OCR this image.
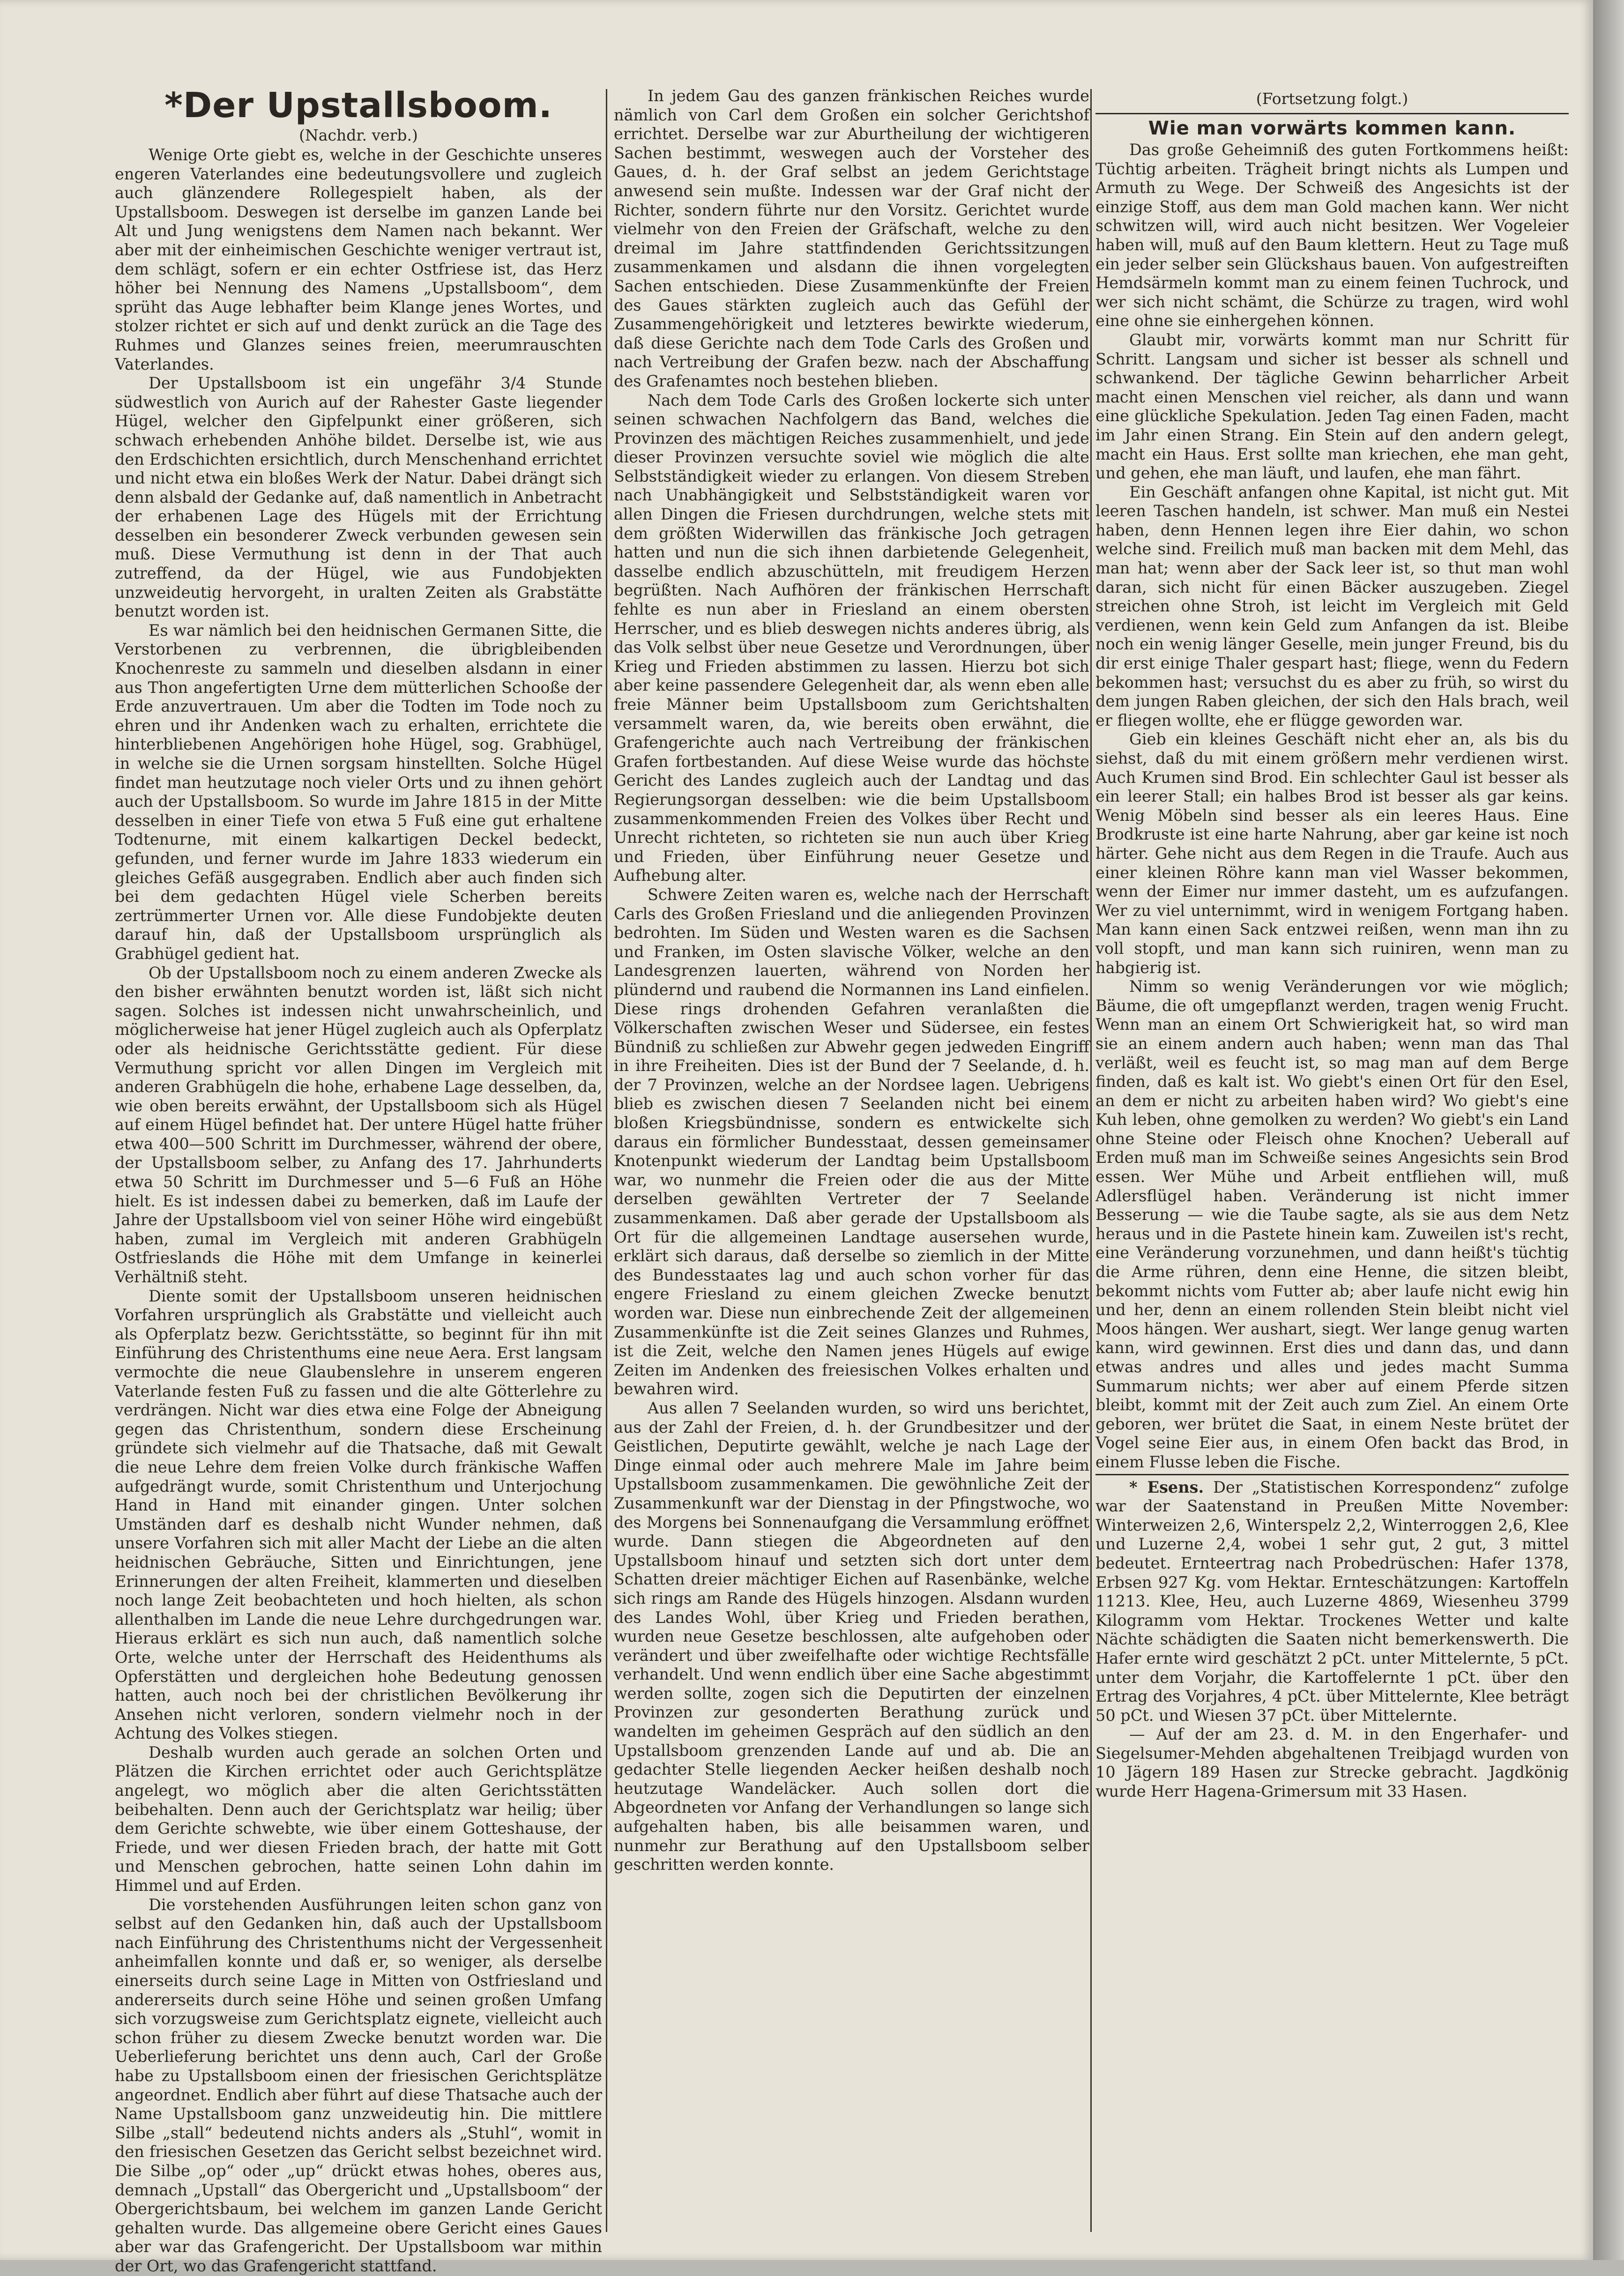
*Der Upstallsboom.
(Nachdr. verb.)

Wenige Orte giebt es, welche in der Geschichte unseres engeren Vaterlandes eine bedeutungsvollere und zugleich auch glänzendere Rollegespielt haben, als der Upstallsboom. Deswegen ist derselbe im ganzen Lande bei Alt und Jung wenigstens dem Namen nach bekannt. Wer aber mit der einheimischen Geschichte weniger vertraut ist, dem schlägt, sofern er ein echter Ostfriese ist, das Herz höher bei Nennung des Namens „Upstallsboom“, dem sprüht das Auge lebhafter beim Klange jenes Wortes, und stolzer richtet er sich auf und denkt zurück an die Tage des Ruhmes und Glanzes seines freien, meerumrauschten Vaterlandes.

Der Upstallsboom ist ein ungefähr 3/4 Stunde südwestlich von Aurich auf der Rahester Gaste liegender Hügel, welcher den Gipfelpunkt einer größeren, sich schwach erhebenden Anhöhe bildet. Derselbe ist, wie aus den Erdschichten ersichtlich, durch Menschenhand errichtet und nicht etwa ein bloßes Werk der Natur. Dabei drängt sich denn alsbald der Gedanke auf, daß namentlich in Anbetracht der erhabenen Lage des Hügels mit der Errichtung desselben ein besonderer Zweck verbunden gewesen sein muß. Diese Vermuthung ist denn in der That auch zutreffend, da der Hügel, wie aus Fundobjekten unzweideutig hervorgeht, in uralten Zeiten als Grabstätte benutzt worden ist.

Es war nämlich bei den heidnischen Germanen Sitte, die Verstorbenen zu verbrennen, die übrigbleibenden Knochenreste zu sammeln und dieselben alsdann in einer aus Thon angefertigten Urne dem mütterlichen Schooße der Erde anzuvertrauen. Um aber die Todten im Tode noch zu ehren und ihr Andenken wach zu erhalten, errichtete die hinterbliebenen Angehörigen hohe Hügel, sog. Grabhügel, in welche sie die Urnen sorgsam hinstellten. Solche Hügel findet man heutzutage noch vieler Orts und zu ihnen gehört auch der Upstallsboom. So wurde im Jahre 1815 in der Mitte desselben in einer Tiefe von etwa 5 Fuß eine gut erhaltene Todtenurne, mit einem kalkartigen Deckel bedeckt, gefunden, und ferner wurde im Jahre 1833 wiederum ein gleiches Gefäß ausgegraben. Endlich aber auch finden sich bei dem gedachten Hügel viele Scherben bereits zertrümmerter Urnen vor. Alle diese Fundobjekte deuten darauf hin, daß der Upstallsboom ursprünglich als Grabhügel gedient hat.

Ob der Upstallsboom noch zu einem anderen Zwecke als den bisher erwähnten benutzt worden ist, läßt sich nicht sagen. Solches ist indessen nicht unwahrscheinlich, und möglicherweise hat jener Hügel zugleich auch als Opferplatz oder als heidnische Gerichtsstätte gedient. Für diese Vermuthung spricht vor allen Dingen im Vergleich mit anderen Grabhügeln die hohe, erhabene Lage desselben, da, wie oben bereits erwähnt, der Upstallsboom sich als Hügel auf einem Hügel befindet hat. Der untere Hügel hatte früher etwa 400—500 Schritt im Durchmesser, während der obere, der Upstallsboom selber, zu Anfang des 17. Jahrhunderts etwa 50 Schritt im Durchmesser und 5—6 Fuß an Höhe hielt. Es ist indessen dabei zu bemerken, daß im Laufe der Jahre der Upstallsboom viel von seiner Höhe wird eingebüßt haben, zumal im Vergleich mit anderen Grabhügeln Ostfrieslands die Höhe mit dem Umfange in keinerlei Verhältniß steht.

Diente somit der Upstallsboom unseren heidnischen Vorfahren ursprünglich als Grabstätte und vielleicht auch als Opferplatz bezw. Gerichtsstätte, so beginnt für ihn mit Einführung des Christenthums eine neue Aera. Erst langsam vermochte die neue Glaubenslehre in unserem engeren Vaterlande festen Fuß zu fassen und die alte Götterlehre zu verdrängen. Nicht war dies etwa eine Folge der Abneigung gegen das Christenthum, sondern diese Erscheinung gründete sich vielmehr auf die Thatsache, daß mit Gewalt die neue Lehre dem freien Volke durch fränkische Waffen aufgedrängt wurde, somit Christenthum und Unterjochung Hand in Hand mit einander gingen. Unter solchen Umständen darf es deshalb nicht Wunder nehmen, daß unsere Vorfahren sich mit aller Macht der Liebe an die alten heidnischen Gebräuche, Sitten und Einrichtungen, jene Erinnerungen der alten Freiheit, klammerten und dieselben noch lange Zeit beobachteten und hoch hielten, als schon allenthalben im Lande die neue Lehre durchgedrungen war. Hieraus erklärt es sich nun auch, daß namentlich solche Orte, welche unter der Herrschaft des Heidenthums als Opferstätten und dergleichen hohe Bedeutung genossen hatten, auch noch bei der christlichen Bevölkerung ihr Ansehen nicht verloren, sondern vielmehr noch in der Achtung des Volkes stiegen.

Deshalb wurden auch gerade an solchen Orten und Plätzen die Kirchen errichtet oder auch Gerichtsplätze angelegt, wo möglich aber die alten Gerichtsstätten beibehalten. Denn auch der Gerichtsplatz war heilig; über dem Gerichte schwebte, wie über einem Gotteshause, der Friede, und wer diesen Frieden brach, der hatte mit Gott und Menschen gebrochen, hatte seinen Lohn dahin im Himmel und auf Erden.

Die vorstehenden Ausführungen leiten schon ganz von selbst auf den Gedanken hin, daß auch der Upstallsboom nach Einführung des Christenthums nicht der Vergessenheit anheimfallen konnte und daß er, so weniger, als derselbe einerseits durch seine Lage in Mitten von Ostfriesland und andererseits durch seine Höhe und seinen großen Umfang sich vorzugsweise zum Gerichtsplatz eignete, vielleicht auch schon früher zu diesem Zwecke benutzt worden war. Die Ueberlieferung berichtet uns denn auch, Carl der Große habe zu Upstallsboom einen der friesischen Gerichtsplätze angeordnet. Endlich aber führt auf diese Thatsache auch der Name Upstallsboom ganz unzweideutig hin. Die mittlere Silbe „stall“ bedeutend nichts anders als „Stuhl“, womit in den friesischen Gesetzen das Gericht selbst bezeichnet wird. Die Silbe „op“ oder „up“ drückt etwas hohes, oberes aus, demnach „Upstall“ das Obergericht und „Upstallsboom“ der Obergerichtsbaum, bei welchem im ganzen Lande Gericht gehalten wurde. Das allgemeine obere Gericht eines Gaues aber war das Grafengericht. Der Upstallsboom war mithin der Ort, wo das Grafengericht stattfand.

In jedem Gau des ganzen fränkischen Reiches wurde nämlich von Carl dem Großen ein solcher Gerichtshof errichtet. Derselbe war zur Aburtheilung der wichtigeren Sachen bestimmt, weswegen auch der Vorsteher des Gaues, d. h. der Graf selbst an jedem Gerichtstage anwesend sein mußte. Indessen war der Graf nicht der Richter, sondern führte nur den Vorsitz. Gerichtet wurde vielmehr von den Freien der Gräfschaft, welche zu den dreimal im Jahre stattfindenden Gerichtssitzungen zusammenkamen und alsdann die ihnen vorgelegten Sachen entschieden. Diese Zusammenkünfte der Freien des Gaues stärkten zugleich auch das Gefühl der Zusammengehörigkeit und letzteres bewirkte wiederum, daß diese Gerichte nach dem Tode Carls des Großen und nach Vertreibung der Grafen bezw. nach der Abschaffung des Grafenamtes noch bestehen blieben.

Nach dem Tode Carls des Großen lockerte sich unter seinen schwachen Nachfolgern das Band, welches die Provinzen des mächtigen Reiches zusammenhielt, und jede dieser Provinzen versuchte soviel wie möglich die alte Selbstständigkeit wieder zu erlangen. Von diesem Streben nach Unabhängigkeit und Selbstständigkeit waren vor allen Dingen die Friesen durchdrungen, welche stets mit dem größten Widerwillen das fränkische Joch getragen hatten und nun die sich ihnen darbietende Gelegenheit, dasselbe endlich abzuschütteln, mit freudigem Herzen begrüßten. Nach Aufhören der fränkischen Herrschaft fehlte es nun aber in Friesland an einem obersten Herrscher, und es blieb deswegen nichts anderes übrig, als das Volk selbst über neue Gesetze und Verordnungen, über Krieg und Frieden abstimmen zu lassen. Hierzu bot sich aber keine passendere Gelegenheit dar, als wenn eben alle freie Männer beim Upstallsboom zum Gerichtshalten versammelt waren, da, wie bereits oben erwähnt, die Grafengerichte auch nach Vertreibung der fränkischen Grafen fortbestanden. Auf diese Weise wurde das höchste Gericht des Landes zugleich auch der Landtag und das Regierungsorgan desselben: wie die beim Upstallsboom zusammenkommenden Freien des Volkes über Recht und Unrecht richteten, so richteten sie nun auch über Krieg und Frieden, über Einführung neuer Gesetze und Aufhebung alter.

Schwere Zeiten waren es, welche nach der Herrschaft Carls des Großen Friesland und die anliegenden Provinzen bedrohten. Im Süden und Westen waren es die Sachsen und Franken, im Osten slavische Völker, welche an den Landesgrenzen lauerten, während von Norden her plündernd und raubend die Normannen ins Land einfielen. Diese rings drohenden Gefahren veranlaßten die Völkerschaften zwischen Weser und Südersee, ein festes Bündniß zu schließen zur Abwehr gegen jedweden Eingriff in ihre Freiheiten. Dies ist der Bund der 7 Seelande, d. h. der 7 Provinzen, welche an der Nordsee lagen. Uebrigens blieb es zwischen diesen 7 Seelanden nicht bei einem bloßen Kriegsbündnisse, sondern es entwickelte sich daraus ein förmlicher Bundesstaat, dessen gemeinsamer Knotenpunkt wiederum der Landtag beim Upstallsboom war, wo nunmehr die Freien oder die aus der Mitte derselben gewählten Vertreter der 7 Seelande zusammenkamen. Daß aber gerade der Upstallsboom als Ort für die allgemeinen Landtage ausersehen wurde, erklärt sich daraus, daß derselbe so ziemlich in der Mitte des Bundesstaates lag und auch schon vorher für das engere Friesland zu einem gleichen Zwecke benutzt worden war. Diese nun einbrechende Zeit der allgemeinen Zusammenkünfte ist die Zeit seines Glanzes und Ruhmes, ist die Zeit, welche den Namen jenes Hügels auf ewige Zeiten im Andenken des freiesischen Volkes erhalten und bewahren wird.

Aus allen 7 Seelanden wurden, so wird uns berichtet, aus der Zahl der Freien, d. h. der Grundbesitzer und der Geistlichen, Deputirte gewählt, welche je nach Lage der Dinge einmal oder auch mehrere Male im Jahre beim Upstallsboom zusammenkamen. Die gewöhnliche Zeit der Zusammenkunft war der Dienstag in der Pfingstwoche, wo des Morgens bei Sonnenaufgang die Versammlung eröffnet wurde. Dann stiegen die Abgeordneten auf den Upstallsboom hinauf und setzten sich dort unter dem Schatten dreier mächtiger Eichen auf Rasenbänke, welche sich rings am Rande des Hügels hinzogen. Alsdann wurden des Landes Wohl, über Krieg und Frieden berathen, wurden neue Gesetze beschlossen, alte aufgehoben oder verändert und über zweifelhafte oder wichtige Rechtsfälle verhandelt. Und wenn endlich über eine Sache abgestimmt werden sollte, zogen sich die Deputirten der einzelnen Provinzen zur gesonderten Berathung zurück und wandelten im geheimen Gespräch auf den südlich an den Upstallsboom grenzenden Lande auf und ab. Die an gedachter Stelle liegenden Aecker heißen deshalb noch heutzutage Wandeläcker. Auch sollen dort die Abgeordneten vor Anfang der Verhandlungen so lange sich aufgehalten haben, bis alle beisammen waren, und nunmehr zur Berathung auf den Upstallsboom selber geschritten werden konnte.

(Fortsetzung folgt.)
Wie man vorwärts kommen kann.

Das große Geheimniß des guten Fortkommens heißt: Tüchtig arbeiten. Trägheit bringt nichts als Lumpen und Armuth zu Wege. Der Schweiß des Angesichts ist der einzige Stoff, aus dem man Gold machen kann. Wer nicht schwitzen will, wird auch nicht besitzen. Wer Vogeleier haben will, muß auf den Baum klettern. Heut zu Tage muß ein jeder selber sein Glückshaus bauen. Von aufgestreiften Hemdsärmeln kommt man zu einem feinen Tuchrock, und wer sich nicht schämt, die Schürze zu tragen, wird wohl eine ohne sie einhergehen können.

Glaubt mir, vorwärts kommt man nur Schritt für Schritt. Langsam und sicher ist besser als schnell und schwankend. Der tägliche Gewinn beharrlicher Arbeit macht einen Menschen viel reicher, als dann und wann eine glückliche Spekulation. Jeden Tag einen Faden, macht im Jahr einen Strang. Ein Stein auf den andern gelegt, macht ein Haus. Erst sollte man kriechen, ehe man geht, und gehen, ehe man läuft, und laufen, ehe man fährt.

Ein Geschäft anfangen ohne Kapital, ist nicht gut. Mit leeren Taschen handeln, ist schwer. Man muß ein Nestei haben, denn Hennen legen ihre Eier dahin, wo schon welche sind. Freilich muß man backen mit dem Mehl, das man hat; wenn aber der Sack leer ist, so thut man wohl daran, sich nicht für einen Bäcker auszugeben. Ziegel streichen ohne Stroh, ist leicht im Vergleich mit Geld verdienen, wenn kein Geld zum Anfangen da ist. Bleibe noch ein wenig länger Geselle, mein junger Freund, bis du dir erst einige Thaler gespart hast; fliege, wenn du Federn bekommen hast; versuchst du es aber zu früh, so wirst du dem jungen Raben gleichen, der sich den Hals brach, weil er fliegen wollte, ehe er flügge geworden war.

Gieb ein kleines Geschäft nicht eher an, als bis du siehst, daß du mit einem größern mehr verdienen wirst. Auch Krumen sind Brod. Ein schlechter Gaul ist besser als ein leerer Stall; ein halbes Brod ist besser als gar keins. Wenig Möbeln sind besser als ein leeres Haus. Eine Brodkruste ist eine harte Nahrung, aber gar keine ist noch härter. Gehe nicht aus dem Regen in die Traufe. Auch aus einer kleinen Röhre kann man viel Wasser bekommen, wenn der Eimer nur immer dasteht, um es aufzufangen. Wer zu viel unternimmt, wird in wenigem Fortgang haben. Man kann einen Sack entzwei reißen, wenn man ihn zu voll stopft, und man kann sich ruiniren, wenn man zu habgierig ist.

Nimm so wenig Veränderungen vor wie möglich; Bäume, die oft umgepflanzt werden, tragen wenig Frucht. Wenn man an einem Ort Schwierigkeit hat, so wird man sie an einem andern auch haben; wenn man das Thal verläßt, weil es feucht ist, so mag man auf dem Berge finden, daß es kalt ist. Wo giebt's einen Ort für den Esel, an dem er nicht zu arbeiten haben wird? Wo giebt's eine Kuh leben, ohne gemolken zu werden? Wo giebt's ein Land ohne Steine oder Fleisch ohne Knochen? Ueberall auf Erden muß man im Schweiße seines Angesichts sein Brod essen. Wer Mühe und Arbeit entfliehen will, muß Adlersflügel haben. Veränderung ist nicht immer Besserung — wie die Taube sagte, als sie aus dem Netz heraus und in die Pastete hinein kam. Zuweilen ist's recht, eine Veränderung vorzunehmen, und dann heißt's tüchtig die Arme rühren, denn eine Henne, die sitzen bleibt, bekommt nichts vom Futter ab; aber laufe nicht ewig hin und her, denn an einem rollenden Stein bleibt nicht viel Moos hängen. Wer aushart, siegt. Wer lange genug warten kann, wird gewinnen. Erst dies und dann das, und dann etwas andres und alles und jedes macht Summa Summarum nichts; wer aber auf einem Pferde sitzen bleibt, kommt mit der Zeit auch zum Ziel. An einem Orte geboren, wer brütet die Saat, in einem Neste brütet der Vogel seine Eier aus, in einem Ofen backt das Brod, in einem Flusse leben die Fische.

* Esens. Der „Statistischen Korrespondenz“ zufolge war der Saatenstand in Preußen Mitte November: Winterweizen 2,6, Winterspelz 2,2, Winterroggen 2,6, Klee und Luzerne 2,4, wobei 1 sehr gut, 2 gut, 3 mittel bedeutet. Ernteertrag nach Probedrüschen: Hafer 1378, Erbsen 927 Kg. vom Hektar. Ernteschätzungen: Kartoffeln 11213. Klee, Heu, auch Luzerne 4869, Wiesenheu 3799 Kilogramm vom Hektar. Trockenes Wetter und kalte Nächte schädigten die Saaten nicht bemerkenswerth. Die Hafer ernte wird geschätzt 2 pCt. unter Mittelernte, 5 pCt. unter dem Vorjahr, die Kartoffelernte 1 pCt. über den Ertrag des Vorjahres, 4 pCt. über Mittelernte, Klee beträgt 50 pCt. und Wiesen 37 pCt. über Mittelernte.

— Auf der am 23. d. M. in den Engerhafer- und Siegelsumer-Mehden abgehaltenen Treibjagd wurden von 10 Jägern 189 Hasen zur Strecke gebracht. Jagdkönig wurde Herr Hagena-Grimersum mit 33 Hasen.
